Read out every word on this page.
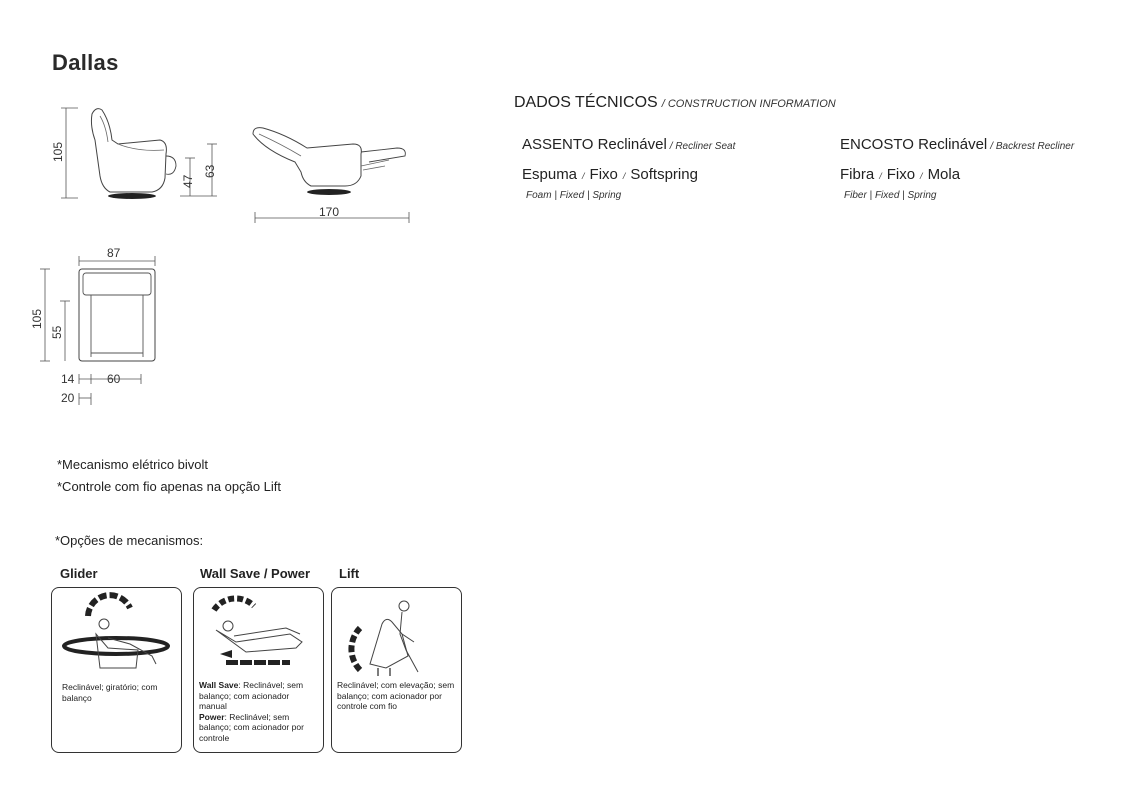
Dallas
105
47
63
170
87
105
55
14	60
20
DADOS TÉCNICOS / CONSTRUCTION INFORMATION
ASSENTO Reclinável / Recliner Seat
Espuma / Fixo / Softspring
Foam | Fixed | Spring
ENCOSTO Reclinável / Backrest Recliner
Fibra / Fixo / Mola
Fiber | Fixed | Spring
*Mecanismo elétrico bivolt
*Controle com fio apenas na opção Lift
*Opções de mecanismos:
Glider	Wall Save / Power Lift
Reclinável; giratório; com balanço
Wall Save: Reclinável; sem balanço; com acionador manual
Power: Reclinável; sem balanço; com acionador por controle
Reclinável; com elevação; sem balanço; com acionador por controle com fio
